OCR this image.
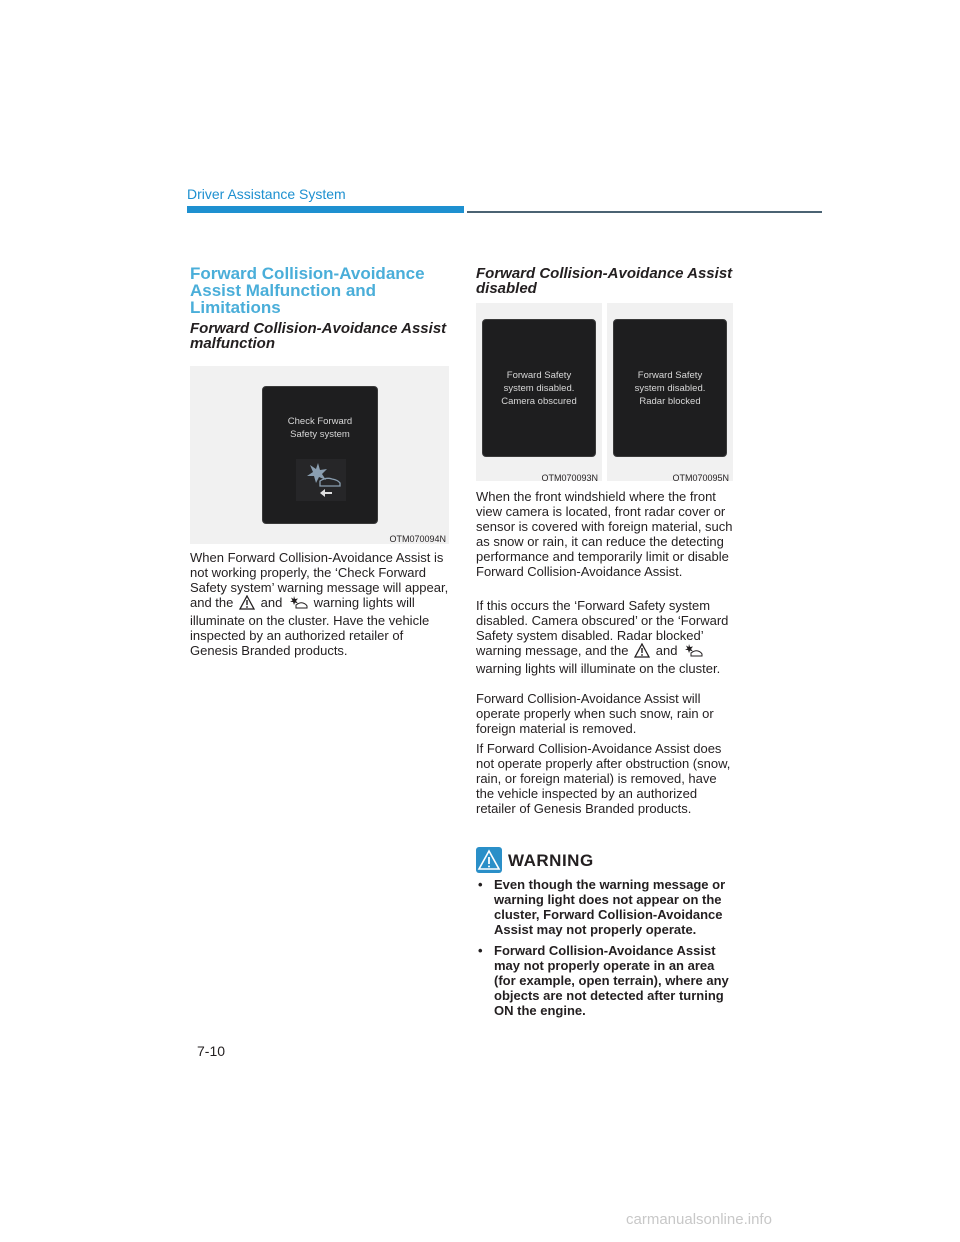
Driver Assistance System
Forward Collision-Avoidance Assist Malfunction and Limitations
Forward Collision-Avoidance Assist malfunction
Check Forward
Safety system
OTM070094N
When Forward Collision-Avoidance Assist is not working properly, the ‘Check Forward Safety system’ warning message will appear, and the and warning lights will illuminate on the cluster. Have the vehicle inspected by an authorized retailer of Genesis Branded products.
Forward Collision-Avoidance Assist disabled
Forward Safety
system disabled.
Camera obscured
OTM070093N
Forward Safety
system disabled.
Radar blocked
OTM070095N
When the front windshield where the front view camera is located, front radar cover or sensor is covered with foreign material, such as snow or rain, it can reduce the detecting performance and temporarily limit or disable Forward Collision-Avoidance Assist.
If this occurs the ‘Forward Safety system disabled. Camera obscured’ or the ‘Forward Safety system disabled. Radar blocked’ warning message, and the and  warning lights will illuminate on the cluster.
Forward Collision-Avoidance Assist will operate properly when such snow, rain or foreign material is removed.
If Forward Collision-Avoidance Assist does not operate properly after obstruction (snow, rain, or foreign material) is removed, have the vehicle inspected by an authorized retailer of Genesis Branded products.
WARNING
• Even though the warning message or warning light does not appear on the cluster, Forward Collision-Avoidance Assist may not properly operate.
• Forward Collision-Avoidance Assist may not properly operate in an area (for example, open terrain), where any objects are not detected after turning ON the engine.
7-10
carmanualsonline.info
